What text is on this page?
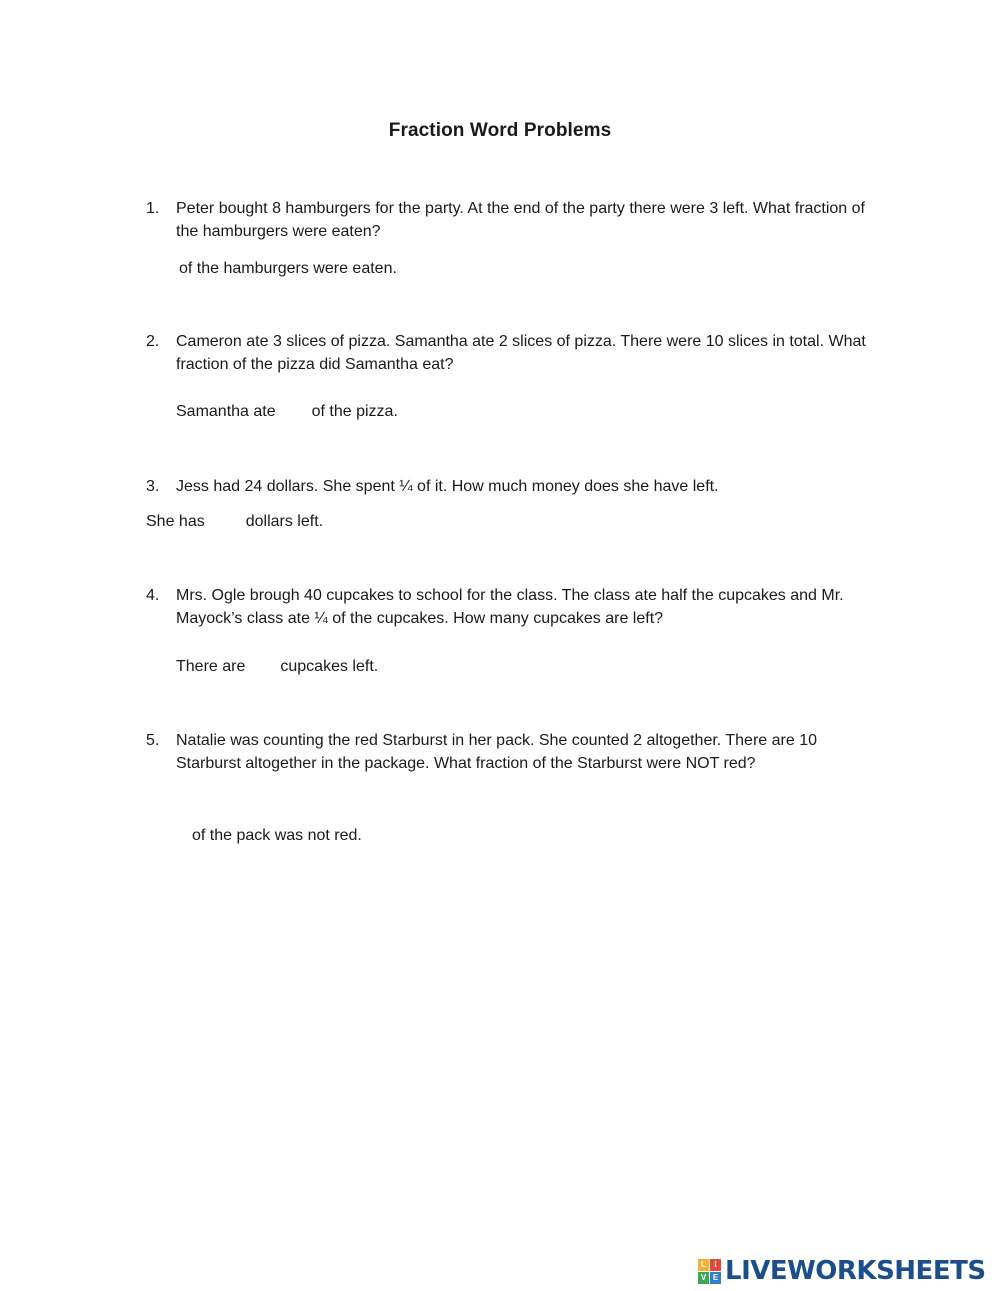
Fraction Word Problems
1.	Peter bought 8 hamburgers for the party. At the end of the party there were 3 left. What fraction of the hamburgers were eaten?
of the hamburgers were eaten.
2.	Cameron ate 3 slices of pizza. Samantha ate 2 slices of pizza. There were 10 slices in total. What fraction of the pizza did Samantha eat?
Samantha ate of the pizza.
3.	Jess had 24 dollars. She spent ¼ of it. How much money does she have left.
She has	dollars left.
4.	Mrs. Ogle brough 40 cupcakes to school for the class. The class ate half the cupcakes and Mr. Mayock’s class ate ¼ of the cupcakes. How many cupcakes are left?
There are cupcakes left.
5.	Natalie was counting the red Starburst in her pack. She counted 2 altogether. There are 10 Starburst altogether in the package. What fraction of the Starburst were NOT red?
of the pack was not red.
L	I
V E LIVEWORKSHEETS
